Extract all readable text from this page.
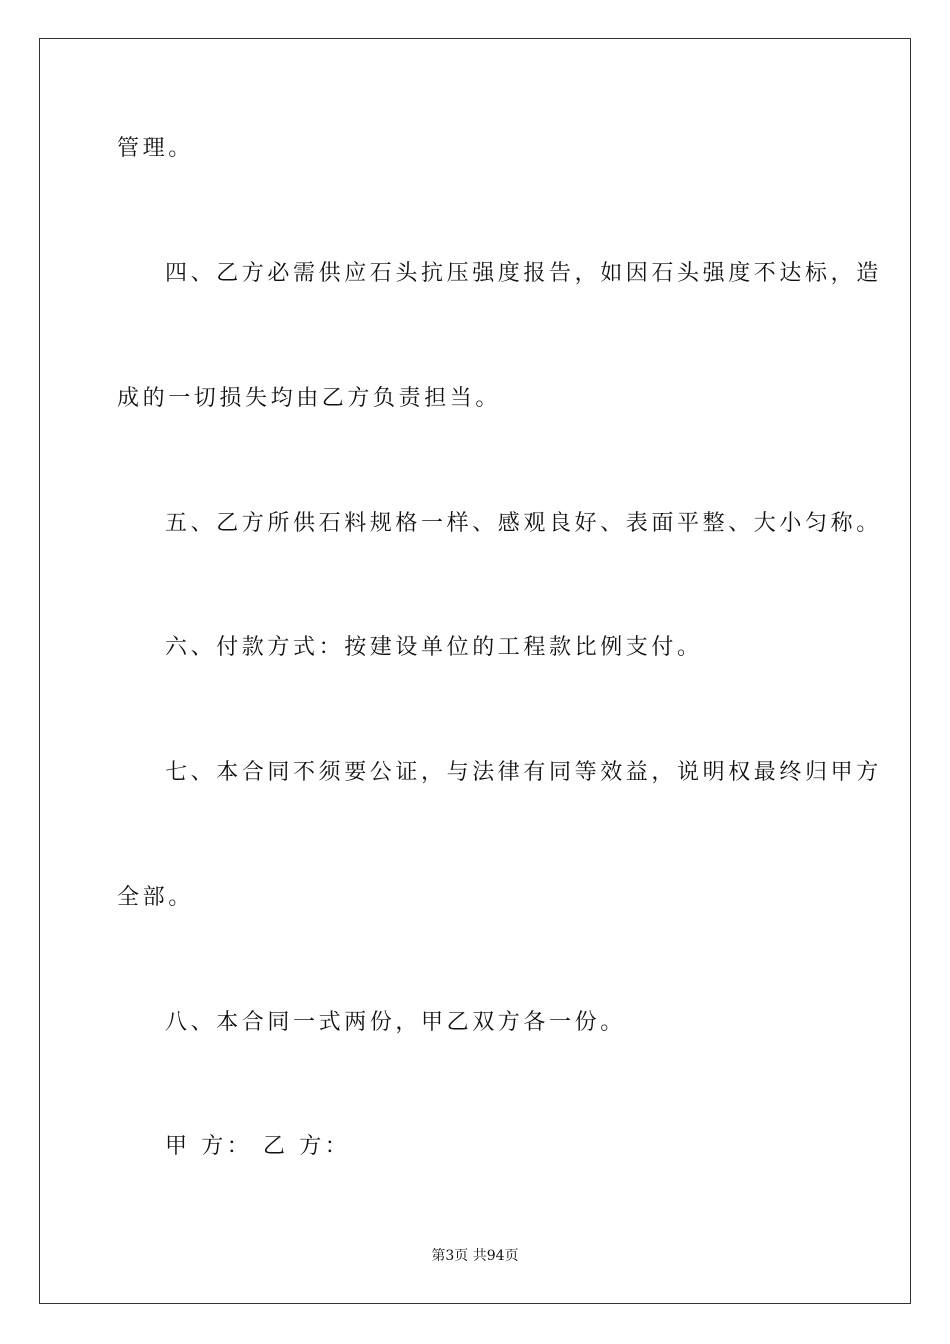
管理。
四、乙方必需供应石头抗压强度报告，如因石头强度不达标，造
成的一切损失均由乙方负责担当。
五、乙方所供石料规格一样、感观良好、表面平整、大小匀称。
六、付款方式：按建设单位的工程款比例支付。
七、本合同不须要公证，与法律有同等效益，说明权最终归甲方
全部。
八、本合同一式两份，甲乙双方各一份。
甲 方： 乙 方：
第3页 共94页
